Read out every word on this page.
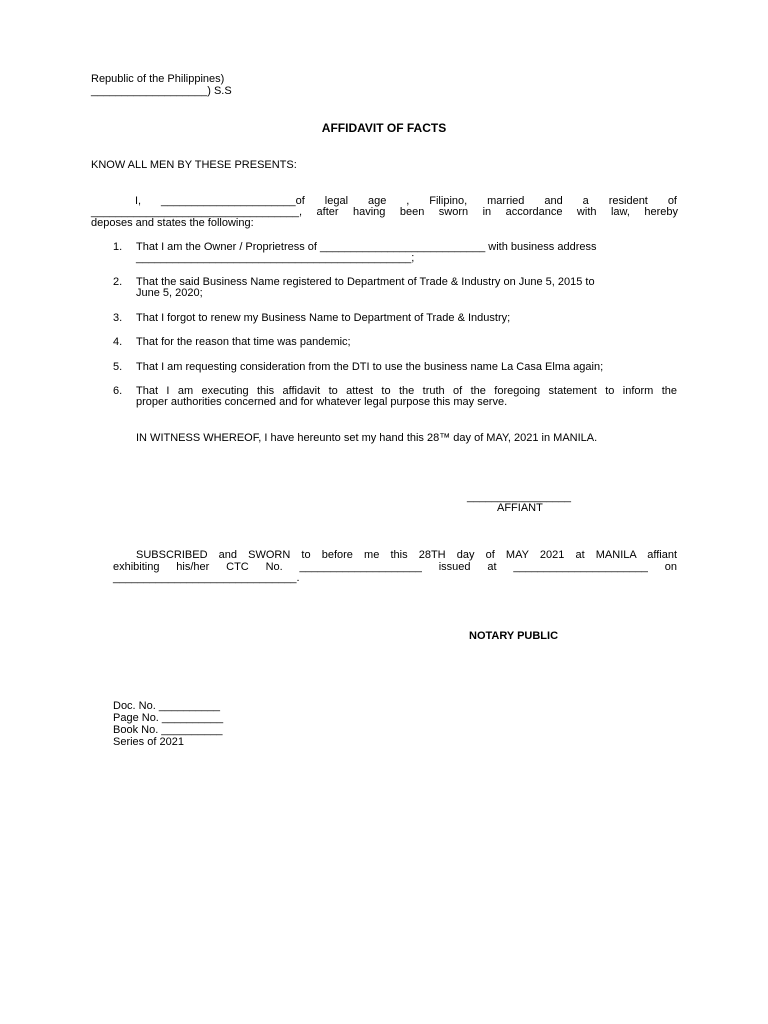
Republic of the Philippines)
___________________) S.S
AFFIDAVIT OF FACTS
KNOW ALL MEN BY THESE PRESENTS:
I, ______________________of legal age , Filipino, married and a resident of
__________________________________, after having been sworn in accordance with law, hereby
deposes and states the following:
1. That I am the Owner / Proprietress of ___________________________ with business address
_____________________________________________;
2. That the said Business Name registered to Department of Trade & Industry on June 5, 2015 to
June 5, 2020;
3. That I forgot to renew my Business Name to Department of Trade & Industry;
4. That for the reason that time was pandemic;
5. That I am requesting consideration from the DTI to use the business name La Casa Elma again;
6. That I am executing this affidavit to attest to the truth of the foregoing statement to inform the
proper authorities concerned and for whatever legal purpose this may serve.
IN WITNESS WHEREOF, I have hereunto set my hand this 28™ day of MAY, 2021 in MANILA.
_________________
AFFIANT
SUBSCRIBED and SWORN to before me this 28TH day of MAY 2021 at MANILA affiant
exhibiting his/her CTC No. ____________________ issued at ______________________ on
______________________________.
NOTARY PUBLIC
Doc. No. __________
Page No. __________
Book No. __________
Series of 2021
